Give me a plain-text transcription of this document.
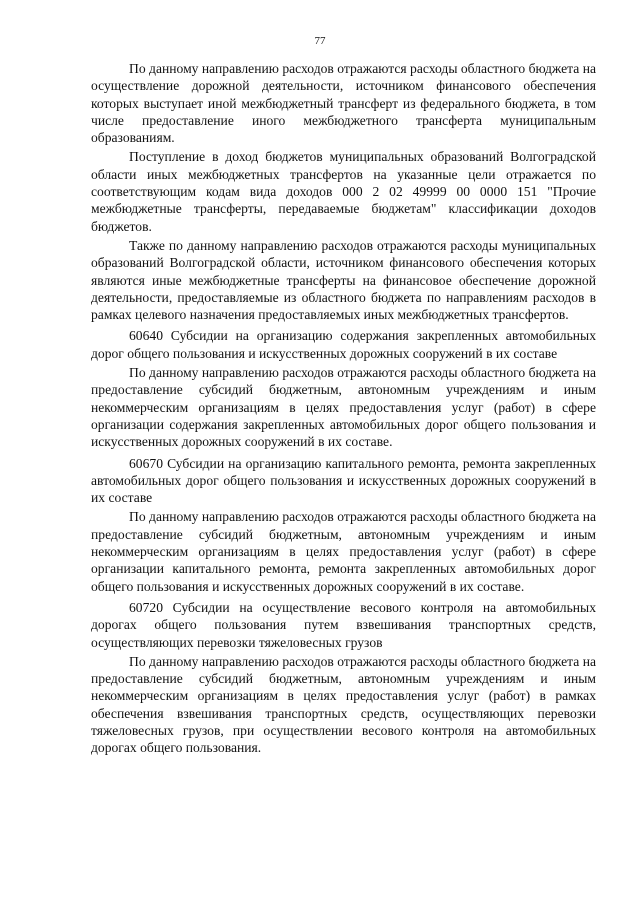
77

По данному направлению расходов отражаются расходы областного бюджета на осуществление дорожной деятельности, источником финансового обеспечения которых выступает иной межбюджетный трансферт из федерального бюджета, в том числе предоставление иного межбюджетного трансферта муниципальным образованиям.

Поступление в доход бюджетов муниципальных образований Волгоградской области иных межбюджетных трансфертов на указанные цели отражается по соответствующим кодам вида доходов 000 2 02 49999 00 0000 151 "Прочие межбюджетные трансферты, передаваемые бюджетам" классификации доходов бюджетов.

Также по данному направлению расходов отражаются расходы муниципальных образований Волгоградской области, источником финансового обеспечения которых являются иные межбюджетные трансферты на финансовое обеспечение дорожной деятельности, предоставляемые из областного бюджета по направлениям расходов в рамках целевого назначения предоставляемых иных межбюджетных трансфертов.

60640 Субсидии на организацию содержания закрепленных автомобильных дорог общего пользования и искусственных дорожных сооружений в их составе

По данному направлению расходов отражаются расходы областного бюджета на предоставление субсидий бюджетным, автономным учреждениям и иным некоммерческим организациям в целях предоставления услуг (работ) в сфере организации содержания закрепленных автомобильных дорог общего пользования и искусственных дорожных сооружений в их составе.

60670 Субсидии на организацию капитального ремонта, ремонта закрепленных автомобильных дорог общего пользования и искусственных дорожных сооружений в их составе

По данному направлению расходов отражаются расходы областного бюджета на предоставление субсидий бюджетным, автономным учреждениям и иным некоммерческим организациям в целях предоставления услуг (работ) в сфере организации капитального ремонта, ремонта закрепленных автомобильных дорог общего пользования и искусственных дорожных сооружений в их составе.

60720 Субсидии на осуществление весового контроля на автомобильных дорогах общего пользования путем взвешивания транспортных средств, осуществляющих перевозки тяжеловесных грузов

По данному направлению расходов отражаются расходы областного бюджета на предоставление субсидий бюджетным, автономным учреждениям и иным некоммерческим организациям в целях предоставления услуг (работ) в рамках обеспечения взвешивания транспортных средств, осуществляющих перевозки тяжеловесных грузов, при осуществлении весового контроля на автомобильных дорогах общего пользования.
